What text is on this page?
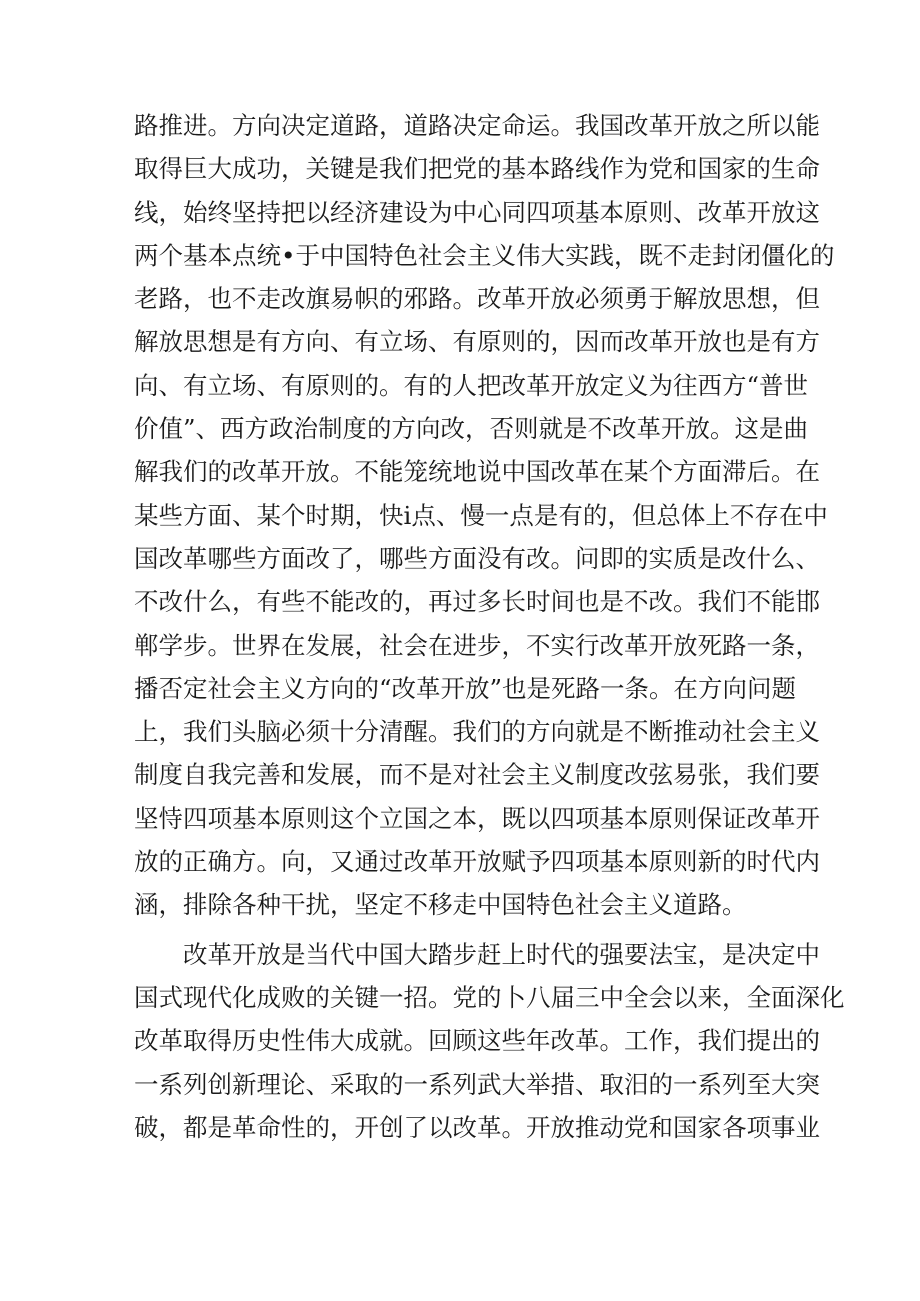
路推进。方向决定道路，道路决定命运。我国改革开放之所以能
取得巨大成功，关键是我们把党的基本路线作为党和国家的生命
线，始终坚持把以经济建设为中心同四项基本原则、改革开放这
两个基本点统•于中国特色社会主义伟大实践，既不走封闭僵化的
老路，也不走改旗易帜的邪路。改革开放必须勇于解放思想，但
解放思想是有方向、有立场、有原则的，因而改革开放也是有方
向、有立场、有原则的。有的人把改革开放定义为往西方“普世
价值”、西方政治制度的方向改，否则就是不改革开放。这是曲
解我们的改革开放。不能笼统地说中国改革在某个方面滞后。在
某些方面、某个时期，快i点、慢一点是有的，但总体上不存在中
国改革哪些方面改了，哪些方面没有改。问即的实质是改什么、
不改什么，有些不能改的，再过多长时间也是不改。我们不能邯
郸学步。世界在发展，社会在进步，不实行改革开放死路一条，
播否定社会主义方向的“改革开放”也是死路一条。在方向问题
上，我们头脑必须十分清醒。我们的方向就是不断推动社会主义
制度自我完善和发展，而不是对社会主义制度改弦易张，我们要
坚恃四项基本原则这个立国之本，既以四项基本原则保证改革开
放的正确方。向，又通过改革开放赋予四项基本原则新的时代内
涵，排除各种干扰，坚定不移走中国特色社会主义道路。
改革开放是当代中国大踏步赶上时代的强要法宝，是决定中
国式现代化成败的关键一招。党的卜八届三中全会以来，全面深化
改革取得历史性伟大成就。回顾这些年改革。工作，我们提出的
一系列创新理论、采取的一系列武大举措、取汨的一系列至大突
破，都是革命性的，开创了以改革。开放推动党和国家各项事业
